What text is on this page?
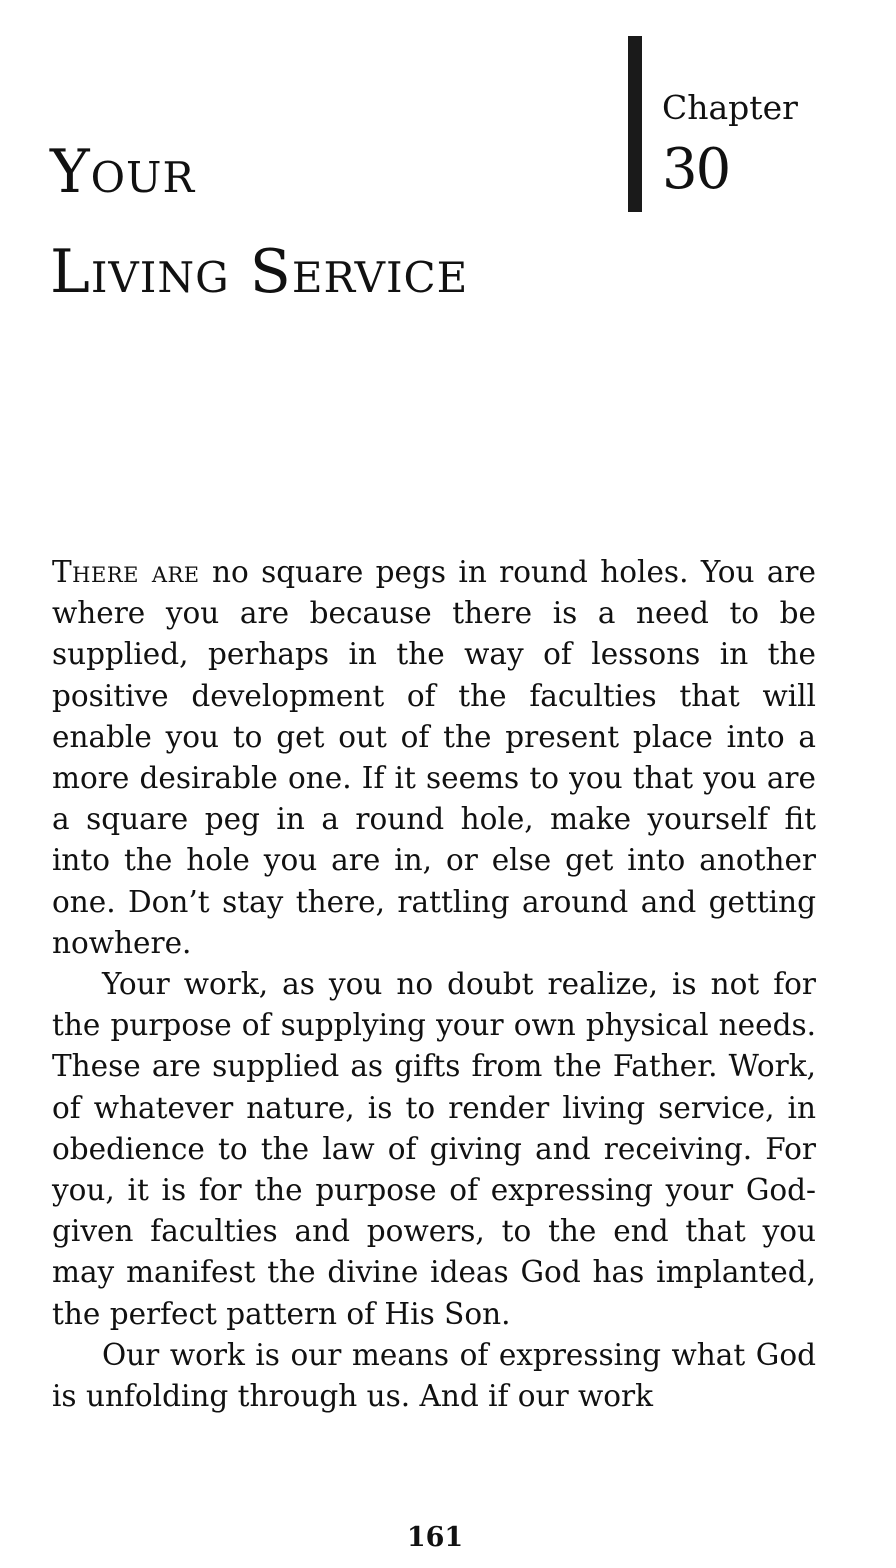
Your
Living Service
Chapter
30

There are no square pegs in round holes. You are where you are because there is a need to be supplied, perhaps in the way of lessons in the positive development of the faculties that will enable you to get out of the present place into a more desirable one. If it seems to you that you are a square peg in a round hole, make yourself fit into the hole you are in, or else get into another one. Don’t stay there, rattling around and getting nowhere.

Your work, as you no doubt realize, is not for the purpose of supplying your own physical needs. These are supplied as gifts from the Father. Work, of whatever nature, is to render living service, in obedience to the law of giving and receiving. For you, it is for the purpose of expressing your God-given faculties and powers, to the end that you may manifest the divine ideas God has implanted, the perfect pattern of His Son.

Our work is our means of expressing what God is unfolding through us. And if our work

161
